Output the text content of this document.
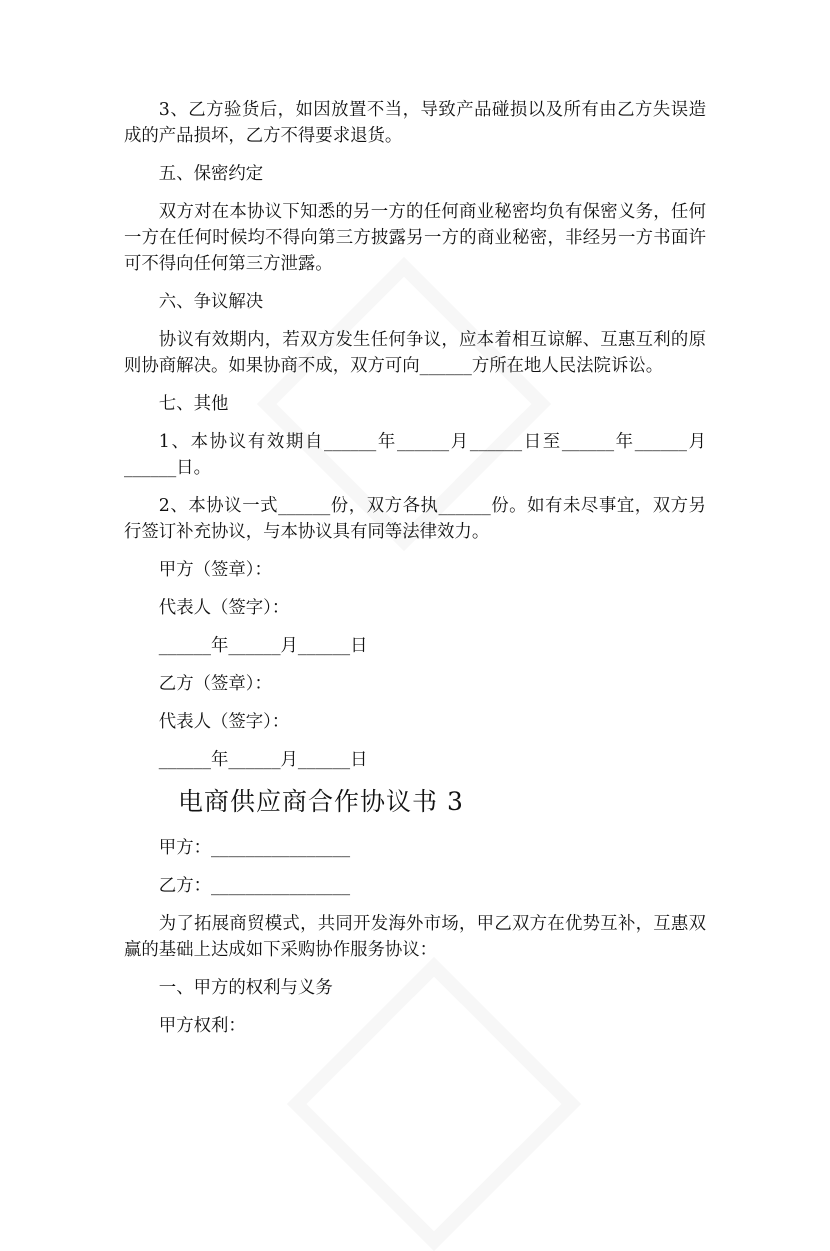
3、乙方验货后，如因放置不当，导致产品碰损以及所有由乙方失误造成的产品损坏，乙方不得要求退货。

五、保密约定

双方对在本协议下知悉的另一方的任何商业秘密均负有保密义务，任何一方在任何时候均不得向第三方披露另一方的商业秘密，非经另一方书面许可不得向任何第三方泄露。

六、争议解决

协议有效期内，若双方发生任何争议，应本着相互谅解、互惠互利的原则协商解决。如果协商不成，双方可向______方所在地人民法院诉讼。

七、其他

1、本协议有效期自______年______月______日至______年______月______日。

2、本协议一式______份，双方各执______份。如有未尽事宜，双方另行签订补充协议，与本协议具有同等法律效力。

甲方（签章）：

代表人（签字）：

______年______月______日

乙方（签章）：

代表人（签字）：

______年______月______日

电商供应商合作协议书 3

甲方：________________

乙方：________________

为了拓展商贸模式，共同开发海外市场，甲乙双方在优势互补，互惠双赢的基础上达成如下采购协作服务协议：

一、甲方的权利与义务

甲方权利：
